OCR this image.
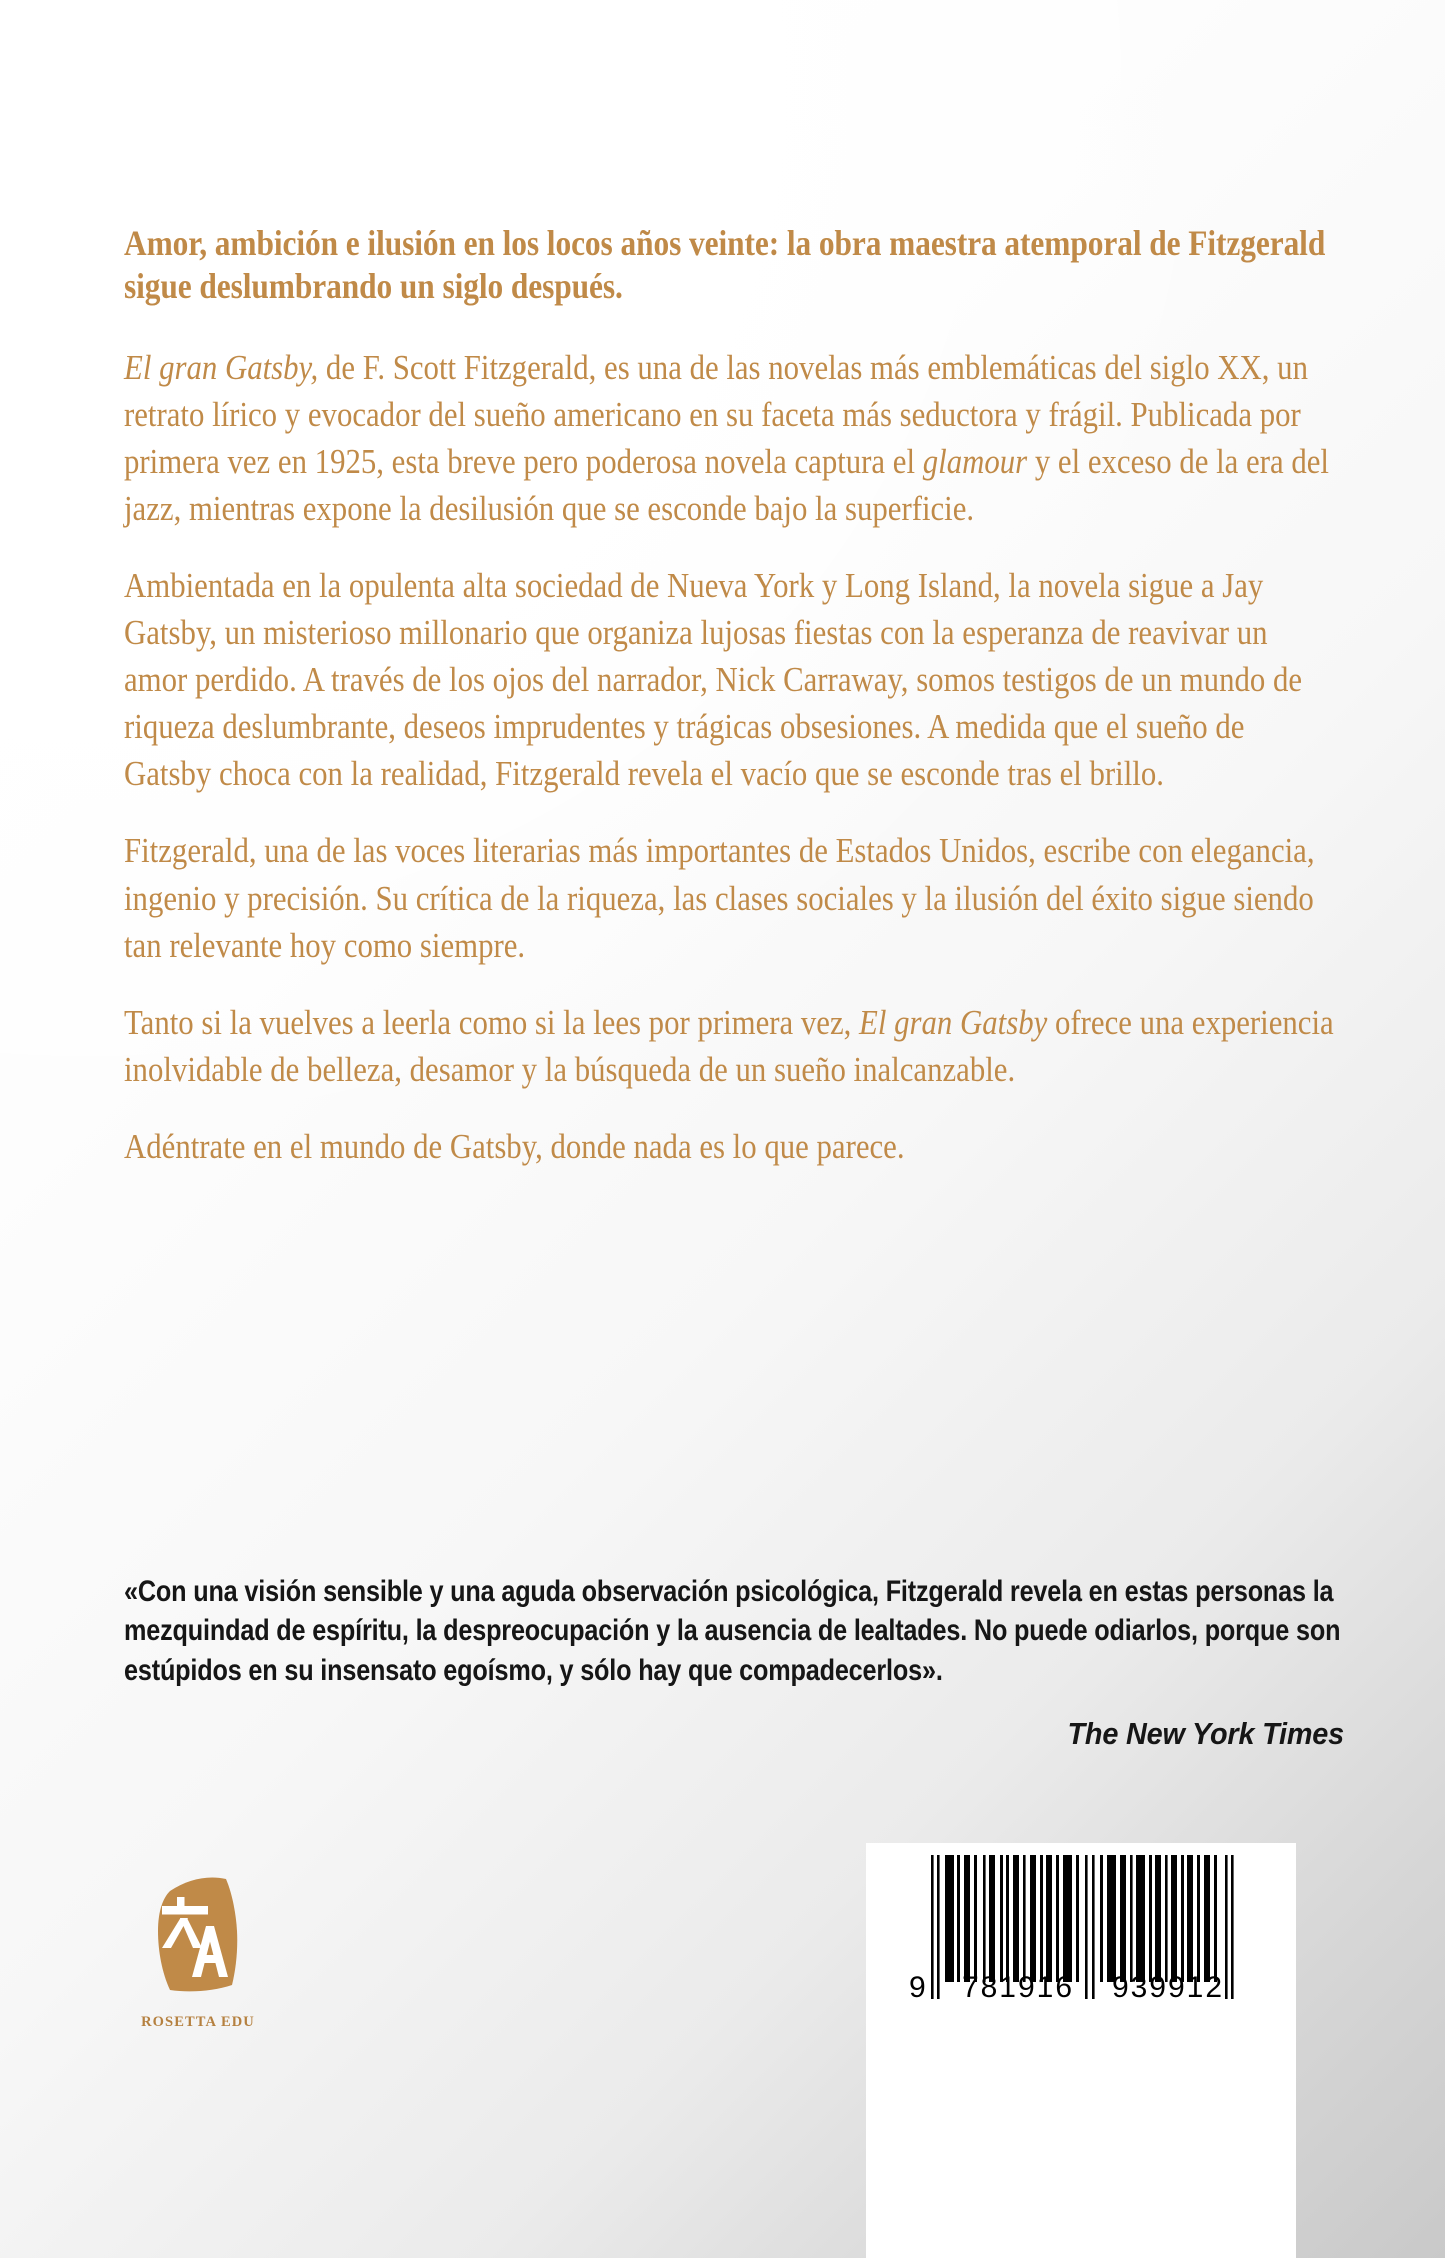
Amor, ambición e ilusión en los locos años veinte: la obra maestra atemporal de Fitzgerald sigue deslumbrando un siglo después.

El gran Gatsby, de F. Scott Fitzgerald, es una de las novelas más emblemáticas del siglo XX, un retrato lírico y evocador del sueño americano en su faceta más seductora y frágil. Publicada por primera vez en 1925, esta breve pero poderosa novela captura el glamour y el exceso de la era del jazz, mientras expone la desilusión que se esconde bajo la superficie.

Ambientada en la opulenta alta sociedad de Nueva York y Long Island, la novela sigue a Jay Gatsby, un misterioso millonario que organiza lujosas fiestas con la esperanza de reavivar un amor perdido. A través de los ojos del narrador, Nick Carraway, somos testigos de un mundo de riqueza deslumbrante, deseos imprudentes y trágicas obsesiones. A medida que el sueño de Gatsby choca con la realidad, Fitzgerald revela el vacío que se esconde tras el brillo.

Fitzgerald, una de las voces literarias más importantes de Estados Unidos, escribe con elegancia, ingenio y precisión. Su crítica de la riqueza, las clases sociales y la ilusión del éxito sigue siendo tan relevante hoy como siempre.

Tanto si la vuelves a leerla como si la lees por primera vez, El gran Gatsby ofrece una experiencia inolvidable de belleza, desamor y la búsqueda de un sueño inalcanzable.

Adéntrate en el mundo de Gatsby, donde nada es lo que parece.

«Con una visión sensible y una aguda observación psicológica, Fitzgerald revela en estas personas la mezquindad de espíritu, la despreocupación y la ausencia de lealtades. No puede odiarlos, porque son estúpidos en su insensato egoísmo, y sólo hay que compadecerlos».

The New York Times

ROSETTA EDU
9	781916	939912
